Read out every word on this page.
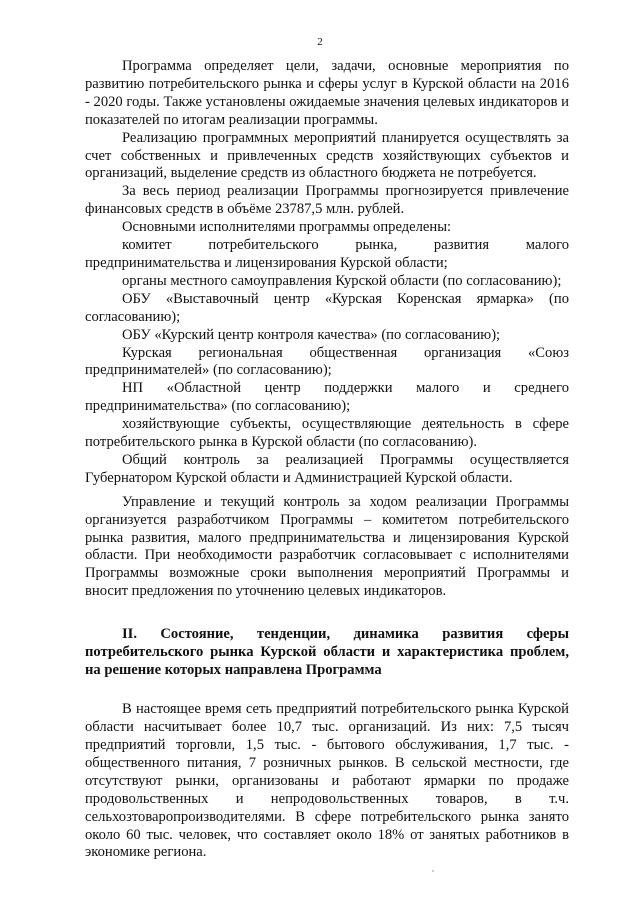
2

Программа определяет цели, задачи, основные мероприятия по развитию потребительского рынка и сферы услуг в Курской области на 2016 - 2020 годы. Также установлены ожидаемые значения целевых индикаторов и показателей по итогам реализации программы.

Реализацию программных мероприятий планируется осуществлять за счет собственных и привлеченных средств хозяйствующих субъектов и организаций, выделение средств из областного бюджета не потребуется.

За весь период реализации Программы прогнозируется привлечение финансовых средств в объёме 23787,5 млн. рублей.

Основными исполнителями программы определены:

комитет потребительского рынка, развития малого предпринимательства и лицензирования Курской области;

органы местного самоуправления Курской области (по согласованию);

ОБУ «Выставочный центр «Курская Коренская ярмарка» (по согласованию);

ОБУ «Курский центр контроля качества» (по согласованию);

Курская региональная общественная организация «Союз предпринимателей» (по согласованию);

НП «Областной центр поддержки малого и среднего предпринимательства» (по согласованию);

хозяйствующие субъекты, осуществляющие деятельность в сфере потребительского рынка в Курской области (по согласованию).

Общий контроль за реализацией Программы осуществляется Губернатором Курской области и Администрацией Курской области.

Управление и текущий контроль за ходом реализации Программы организуется разработчиком Программы – комитетом потребительского рынка развития, малого предпринимательства и лицензирования Курской области. При необходимости разработчик согласовывает с исполнителями Программы возможные сроки выполнения мероприятий Программы и вносит предложения по уточнению целевых индикаторов.

II. Состояние, тенденции, динамика развития сферы потребительского рынка Курской области и характеристика проблем, на решение которых направлена Программа

В настоящее время сеть предприятий потребительского рынка Курской области насчитывает более 10,7 тыс. организаций. Из них: 7,5 тысяч предприятий торговли, 1,5 тыс. - бытового обслуживания, 1,7 тыс. - общественного питания, 7 розничных рынков. В сельской местности, где отсутствуют рынки, организованы и работают ярмарки по продаже продовольственных и непродовольственных товаров, в т.ч. сельхозтоваропроизводителями. В сфере потребительского рынка занято около 60 тыс. человек, что составляет около 18% от занятых работников в экономике региона.
